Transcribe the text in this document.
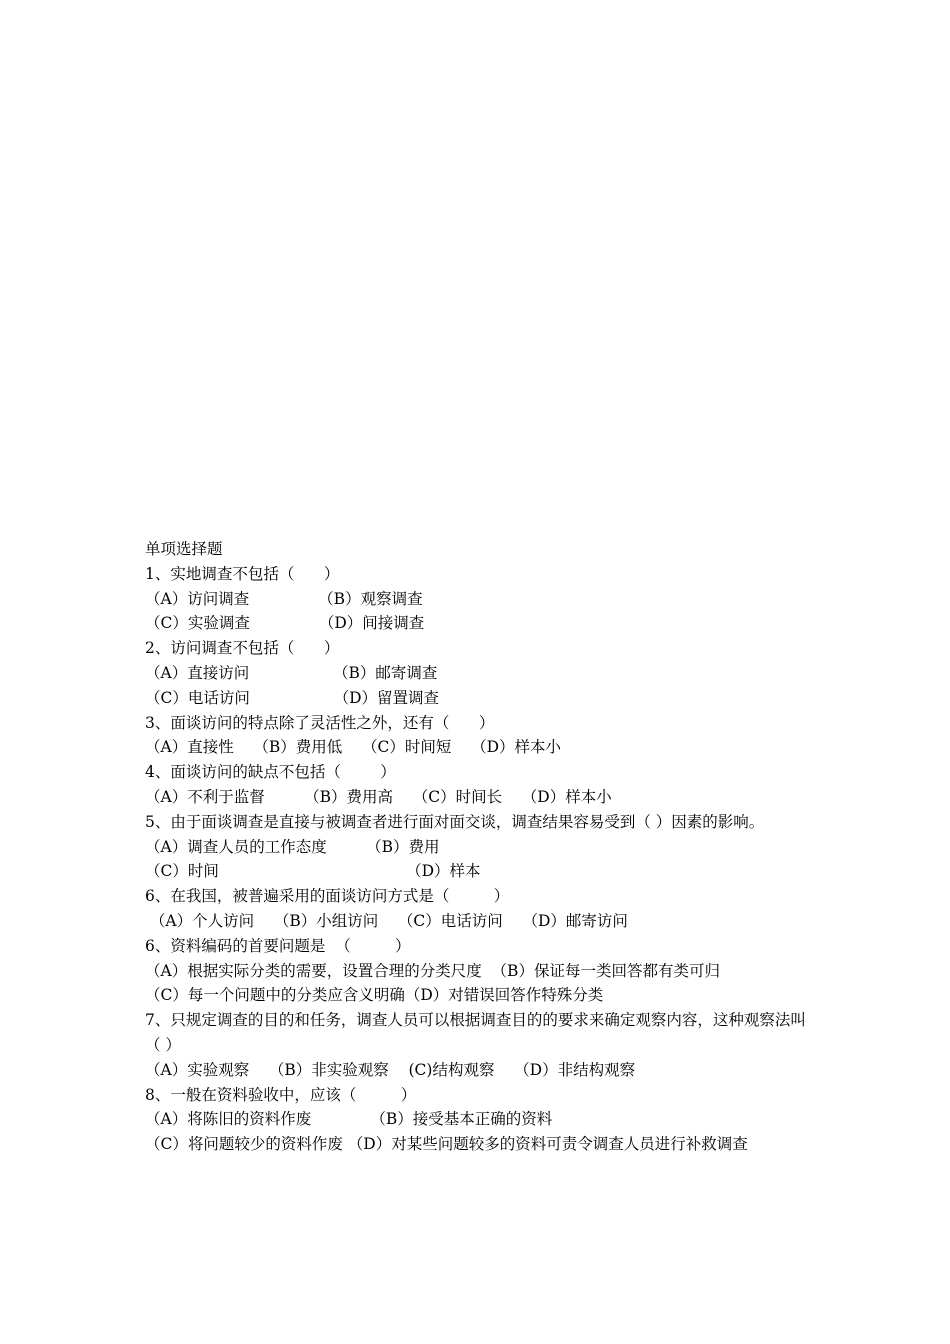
单项选择题
1、实地调查不包括（      ）
（A）访问调查              （B）观察调查
（C）实验调查              （D）间接调查
2、访问调查不包括（      ）
（A）直接访问                 （B）邮寄调查
（C）电话访问                 （D）留置调查
3、面谈访问的特点除了灵活性之外，还有（      ）
（A）直接性    （B）费用低    （C）时间短    （D）样本小
4、面谈访问的缺点不包括（        ）
（A）不利于监督        （B）费用高    （C）时间长    （D）样本小
5、由于面谈调查是直接与被调查者进行面对面交谈，调查结果容易受到（ ）因素的影响。
（A）调查人员的工作态度        （B）费用
（C）时间                                      （D）样本
6、在我国，被普遍采用的面谈访问方式是（         ）
（A）个人访问    （B）小组访问    （C）电话访问    （D）邮寄访问
6、资料编码的首要问题是  （         ）
（A）根据实际分类的需要，设置合理的分类尺度  （B）保证每一类回答都有类可归
（C）每一个问题中的分类应含义明确（D）对错误回答作特殊分类
7、只规定调查的目的和任务，调查人员可以根据调查目的的要求来确定观察内容，这种观察法叫（ ）
（A）实验观察    （B）非实验观察    (C)结构观察    （D）非结构观察
8、一般在资料验收中，应该（         ）
（A）将陈旧的资料作废            （B）接受基本正确的资料
（C）将问题较少的资料作废 （D）对某些问题较多的资料可责令调查人员进行补救调查
